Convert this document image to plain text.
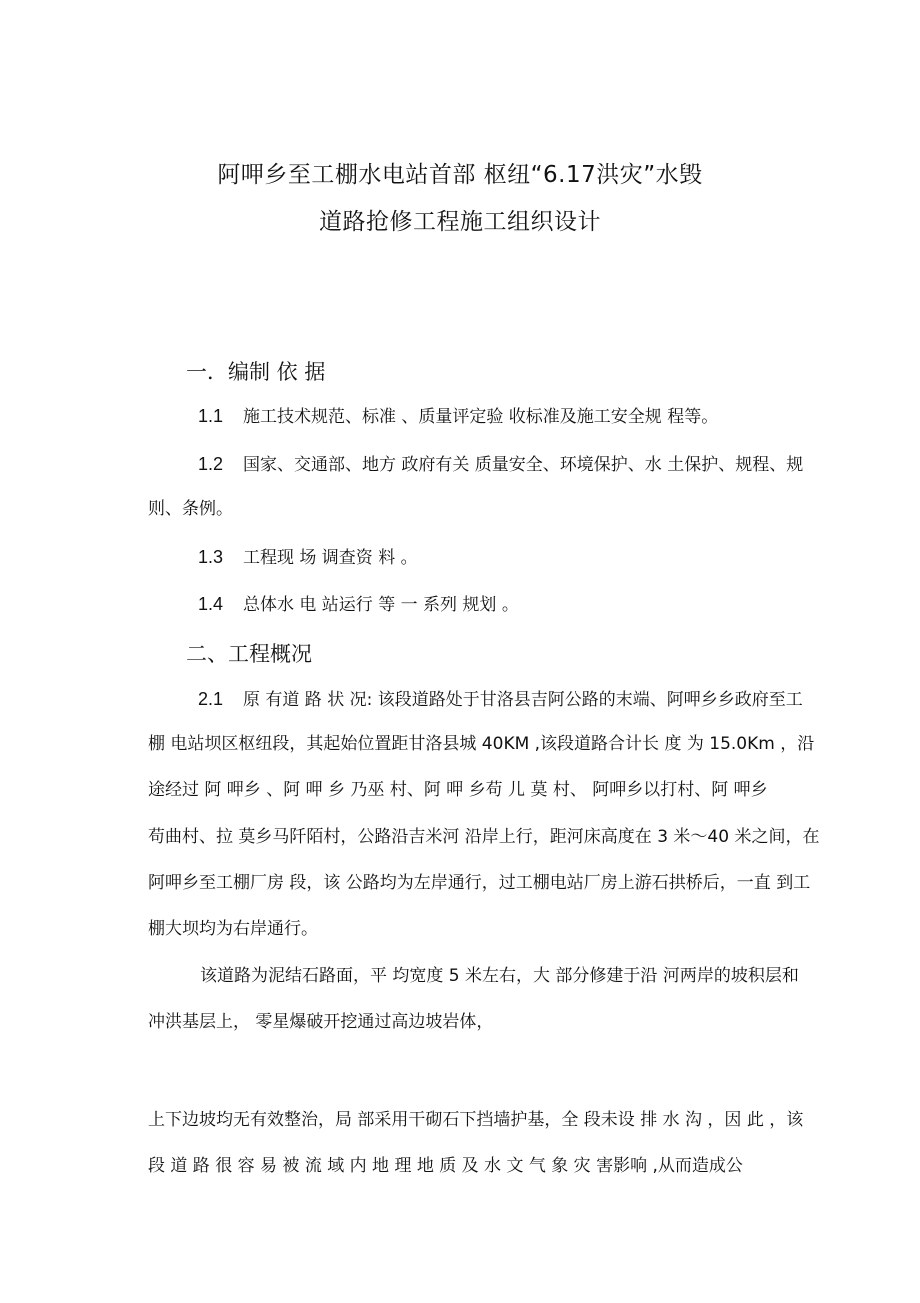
阿呷乡至工棚水电站首部 枢纽“6.17洪灾”水毁
道路抢修工程施工组织设计
一．编制 依 据
1.1 施工技术规范、标准 、质量评定验 收标准及施工安全规 程等。
1.2 国家、交通部、地方 政府有关 质量安全、环境保护、水 土保护、规程、规
则、条例。
1.3 工程现 场 调查资 料 。
1.4 总体水 电 站运行 等 一 系列 规划 。
二、工程概况
2.1 原 有道 路 状 况: 该段道路处于甘洛县吉阿公路的末端、阿呷乡乡政府至工
棚 电站坝区枢纽段，其起始位置距甘洛县城 40KM ,该段道路合计长 度 为 15.0Km ，沿
途经过 阿 呷乡 、阿 呷 乡 乃巫 村、阿 呷 乡苟 儿 莫 村、 阿呷乡以打村、阿 呷乡
苟曲村、拉 莫乡马阡陌村，公路沿吉米河 沿岸上行，距河床高度在 3 米～40 米之间，在
阿呷乡至工棚厂房 段，该 公路均为左岸通行，过工棚电站厂房上游石拱桥后，一直 到工
棚大坝均为右岸通行。
该道路为泥结石路面，平 均宽度 5 米左右，大 部分修建于沿 河两岸的坡积层和
冲洪基层上， 零星爆破开挖通过高边坡岩体，
上下边坡均无有效整治，局 部采用干砌石下挡墙护基，全 段未设 排 水 沟 ，因 此 ，该
段 道 路 很 容 易 被 流 域 内 地 理 地 质 及 水 文 气 象 灾 害影响 ,从而造成公
